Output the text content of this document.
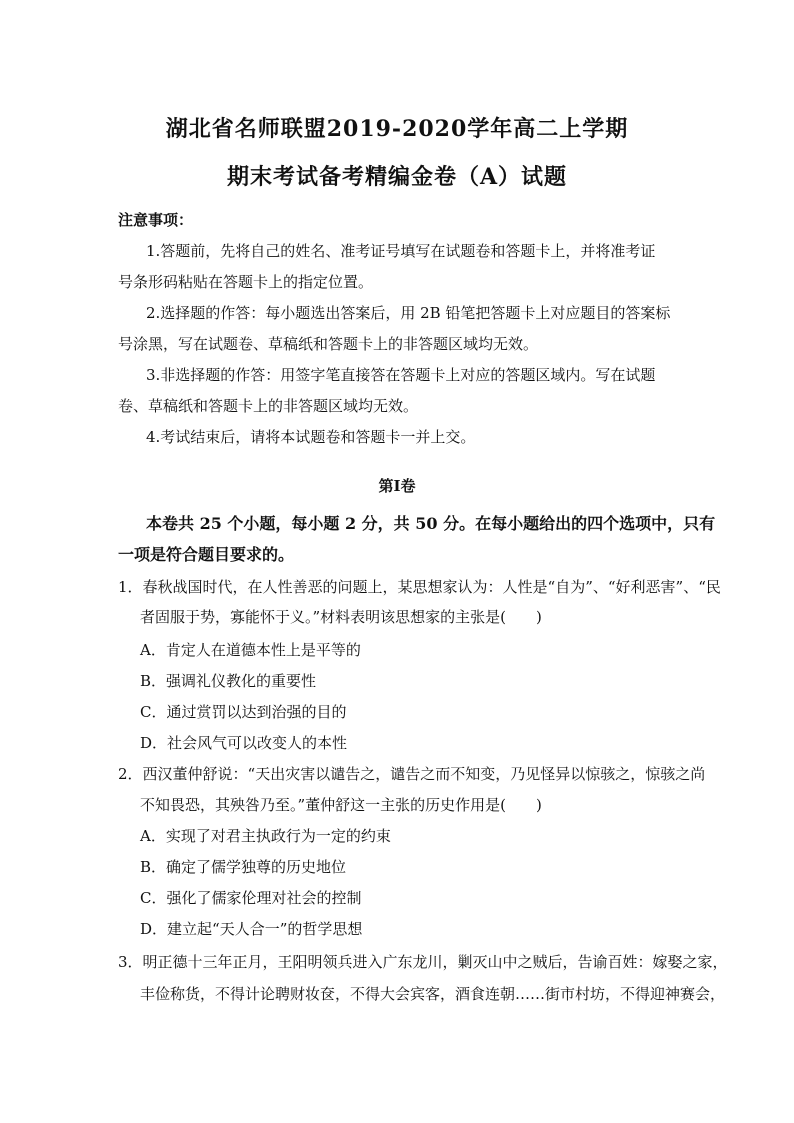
湖北省名师联盟2019-2020学年高二上学期
期末考试备考精编金卷（A）试题
注意事项：
1.答题前，先将自己的姓名、准考证号填写在试题卷和答题卡上，并将准考证
号条形码粘贴在答题卡上的指定位置。
2.选择题的作答：每小题选出答案后，用 2B 铅笔把答题卡上对应题目的答案标
号涂黑，写在试题卷、草稿纸和答题卡上的非答题区域均无效。
3.非选择题的作答：用签字笔直接答在答题卡上对应的答题区域内。写在试题
卷、草稿纸和答题卡上的非答题区域均无效。
4.考试结束后，请将本试题卷和答题卡一并上交。
第Ⅰ卷
本卷共 25 个小题，每小题 2 分，共 50 分。在每小题给出的四个选项中，只有
一项是符合题目要求的。
1．春秋战国时代，在人性善恶的问题上，某思想家认为：人性是“自为”、“好利恶害”、“民
者固服于势，寡能怀于义。”材料表明该思想家的主张是(　　)
A．肯定人在道德本性上是平等的
B．强调礼仪教化的重要性
C．通过赏罚以达到治强的目的
D．社会风气可以改变人的本性
2．西汉董仲舒说：“天出灾害以谴告之，谴告之而不知变，乃见怪异以惊骇之，惊骇之尚
不知畏恐，其殃咎乃至。”董仲舒这一主张的历史作用是(　　)
A．实现了对君主执政行为一定的约束
B．确定了儒学独尊的历史地位
C．强化了儒家伦理对社会的控制
D．建立起“天人合一”的哲学思想
3．明正德十三年正月，王阳明领兵进入广东龙川，剿灭山中之贼后，告谕百姓：嫁娶之家，
丰俭称货，不得计论聘财妆奁，不得大会宾客，酒食连朝……街市村坊，不得迎神赛会，
